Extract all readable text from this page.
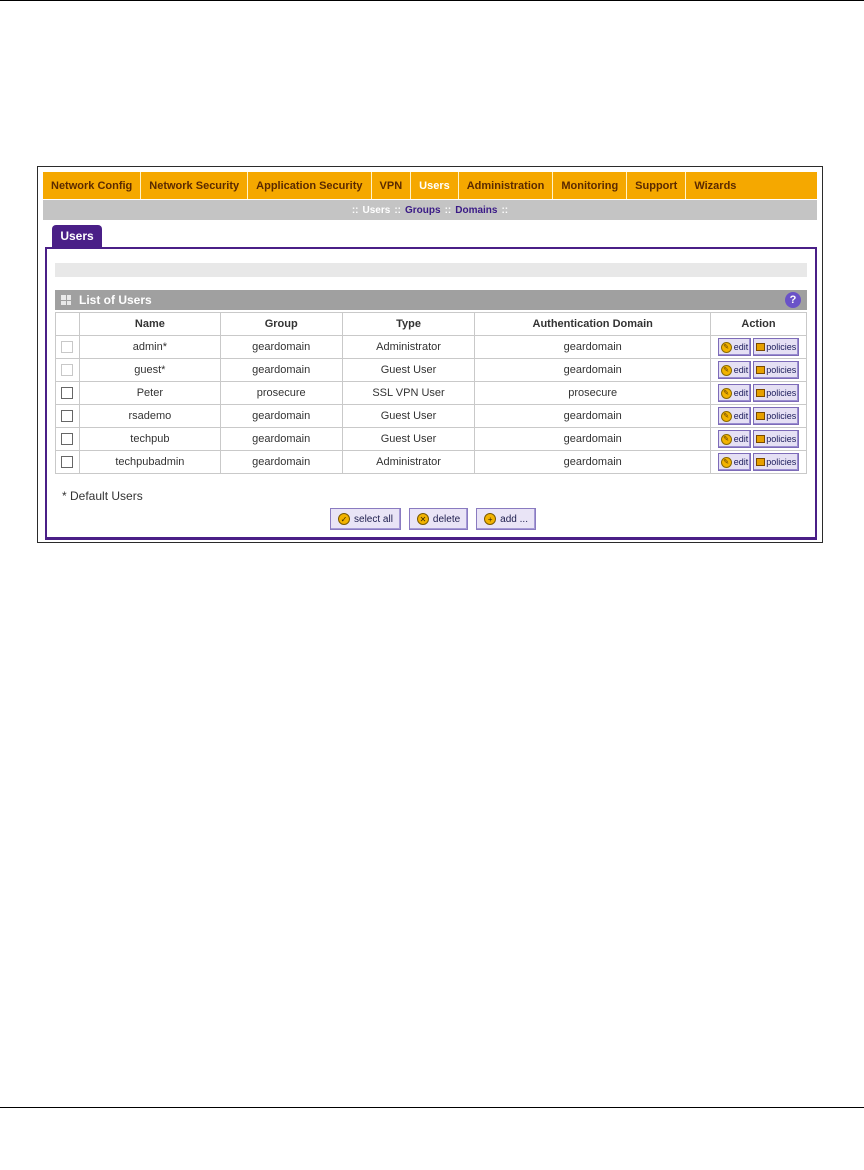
Network Config	Network Security	Application Security	VPN	Users	Administration	Monitoring	Support	Wizards
:: Users :: Groups :: Domains ::
Users
List of Users	?
	Name	Group	Type	Authentication Domain	Action
	admin*	geardomain	Administrator	geardomain	✎ edit policies

	guest*	geardomain	Guest User	geardomain	✎ edit policies

	Peter	prosecure	SSL VPN User	prosecure	✎ edit policies

	rsademo	geardomain	Guest User	geardomain	✎ edit policies

	techpub	geardomain	Guest User	geardomain	✎ edit policies

	techpubadmin	geardomain	Administrator	geardomain	✎ edit policies
* Default Users
✓ select all	✕ delete	+ add ...
